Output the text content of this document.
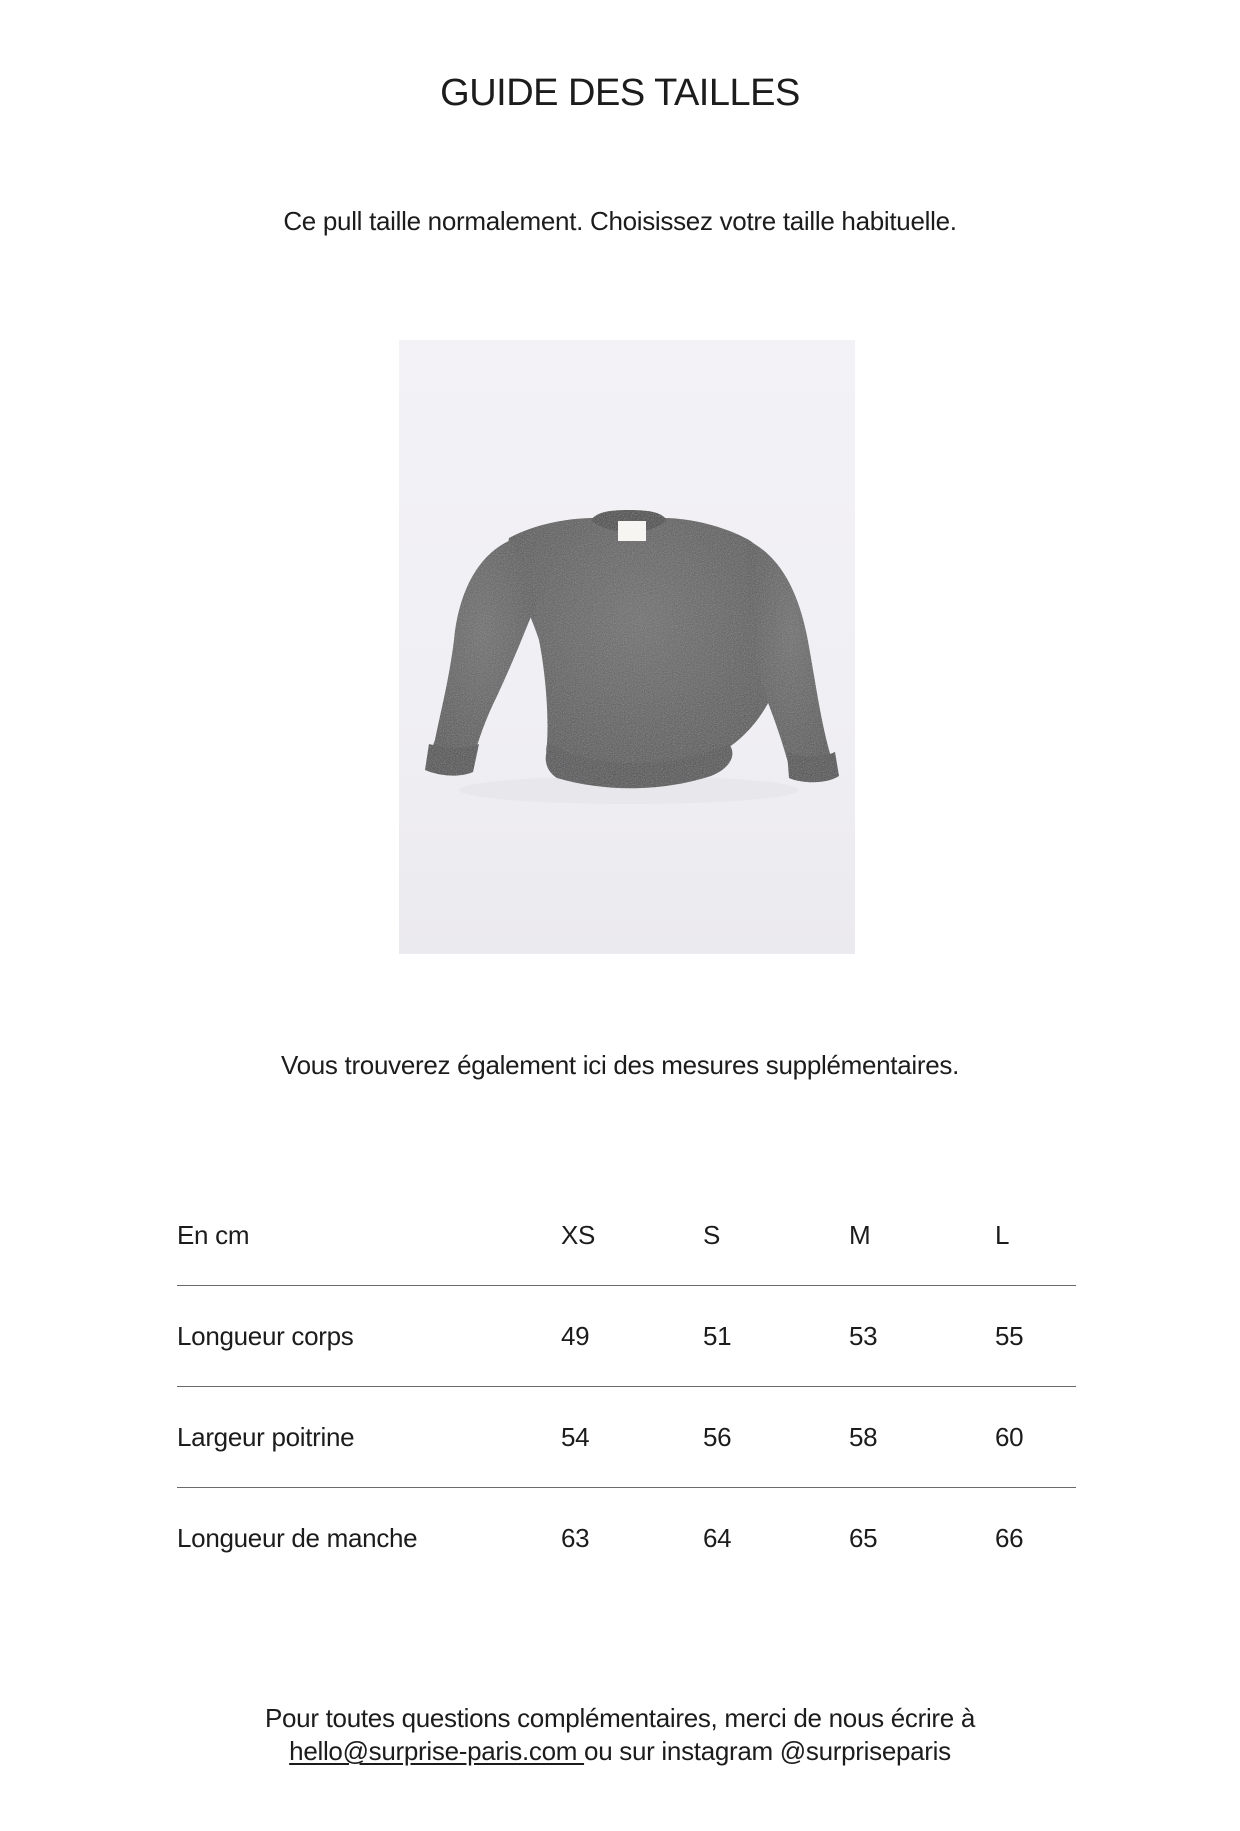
GUIDE DES TAILLES
Ce pull taille normalement. Choisissez votre taille habituelle.
Vous trouverez également ici des mesures supplémentaires.
En cm	XS	S	M	L
Longueur corps	49	51	53	55
Largeur poitrine	54	56	58	60
Longueur de manche	63	64	65	66
Pour toutes questions complémentaires, merci de nous écrire à
hello@surprise-paris.com ou sur instagram @surpriseparis
